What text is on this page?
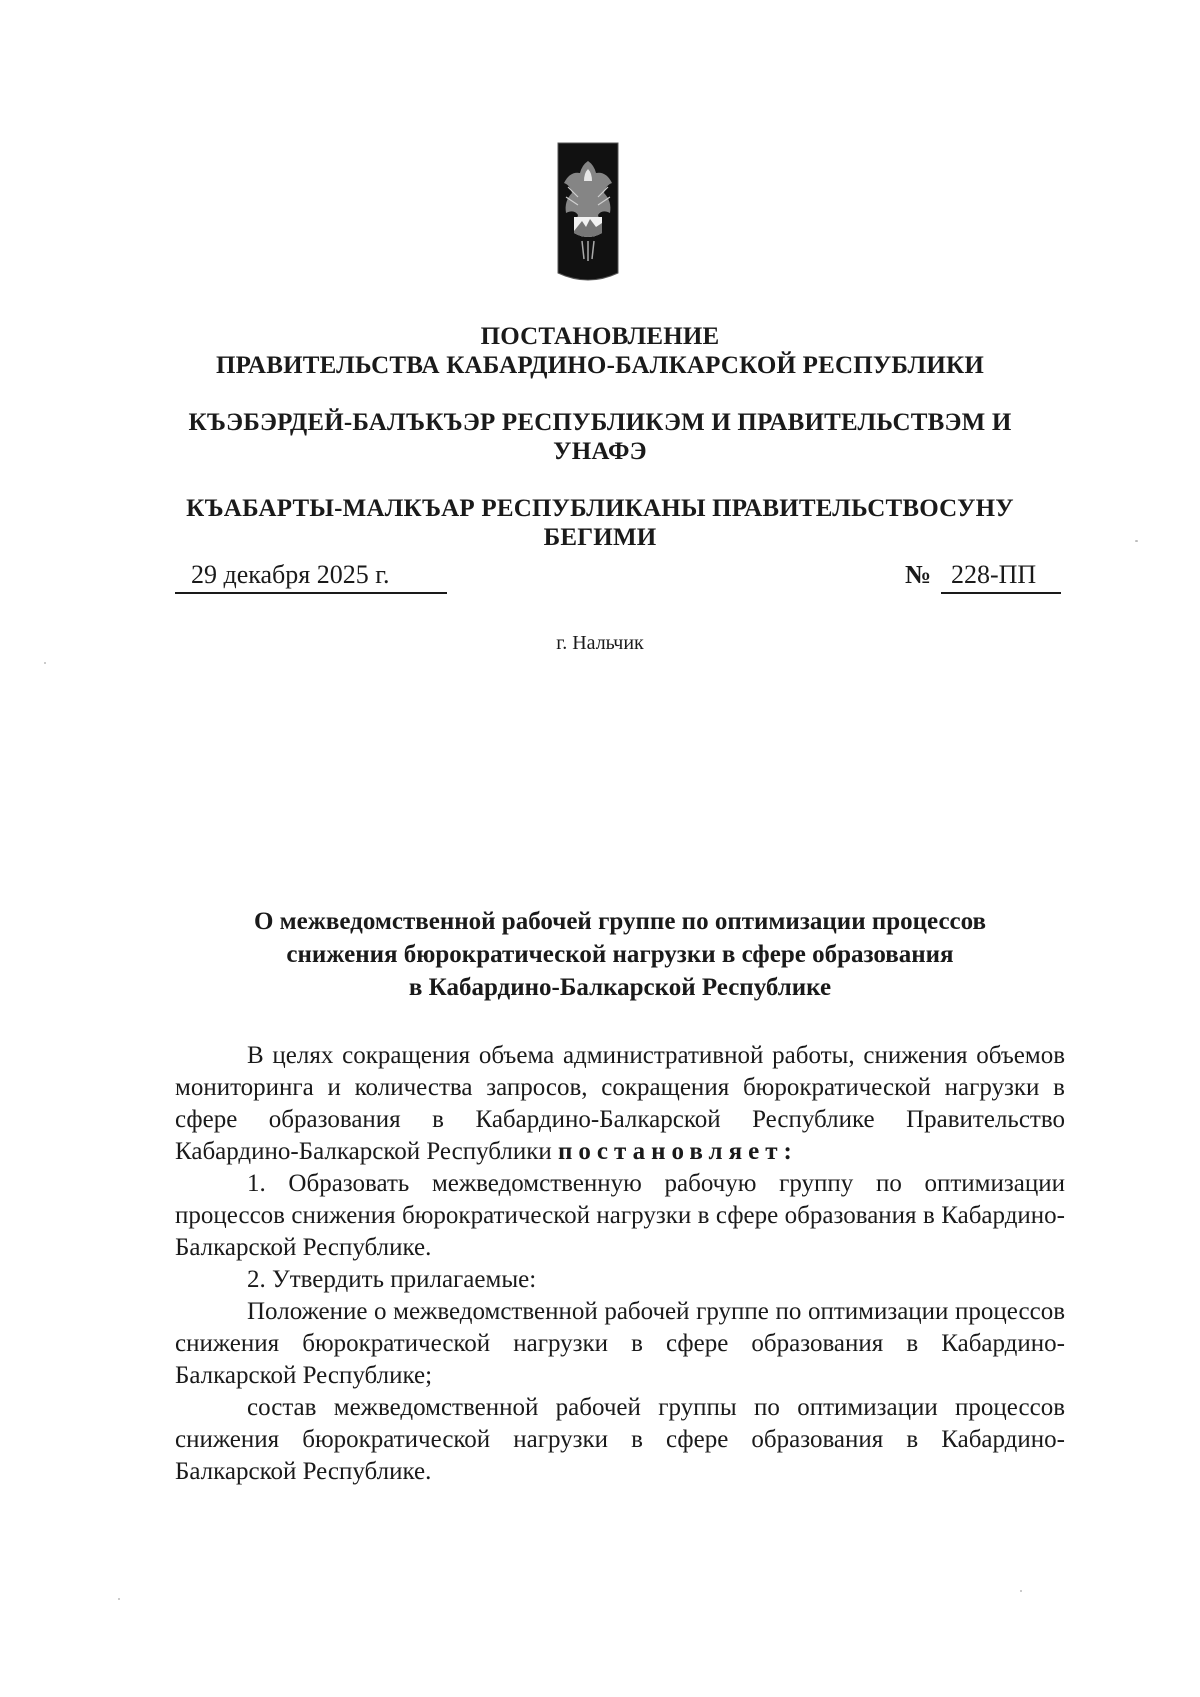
ПОСТАНОВЛЕНИЕ
ПРАВИТЕЛЬСТВА КАБАРДИНО-БАЛКАРСКОЙ РЕСПУБЛИКИ
КЪЭБЭРДЕЙ-БАЛЪКЪЭР РЕСПУБЛИКЭМ И ПРАВИТЕЛЬСТВЭМ И
УНАФЭ
КЪАБАРТЫ-МАЛКЪАР РЕСПУБЛИКАНЫ ПРАВИТЕЛЬСТВОСУНУ
БЕГИМИ
29 декабря 2025 г.	№ 228-ПП
г. Нальчик
О межведомственной рабочей группе по оптимизации процессов
снижения бюрократической нагрузки в сфере образования
в Кабардино-Балкарской Республике

В целях сокращения объема административной работы, снижения объемов мониторинга и количества запросов, сокращения бюрократической нагрузки в сфере образования в Кабардино-Балкарской Республике Правительство Кабардино-Балкарской Республики постановляет:

1. Образовать межведомственную рабочую группу по оптимизации процессов снижения бюрократической нагрузки в сфере образования в Кабардино-Балкарской Республике.

2. Утвердить прилагаемые:

Положение о межведомственной рабочей группе по оптимизации процессов снижения бюрократической нагрузки в сфере образования в Кабардино-Балкарской Республике;

состав межведомственной рабочей группы по оптимизации процессов снижения бюрократической нагрузки в сфере образования в Кабардино-Балкарской Республике.
